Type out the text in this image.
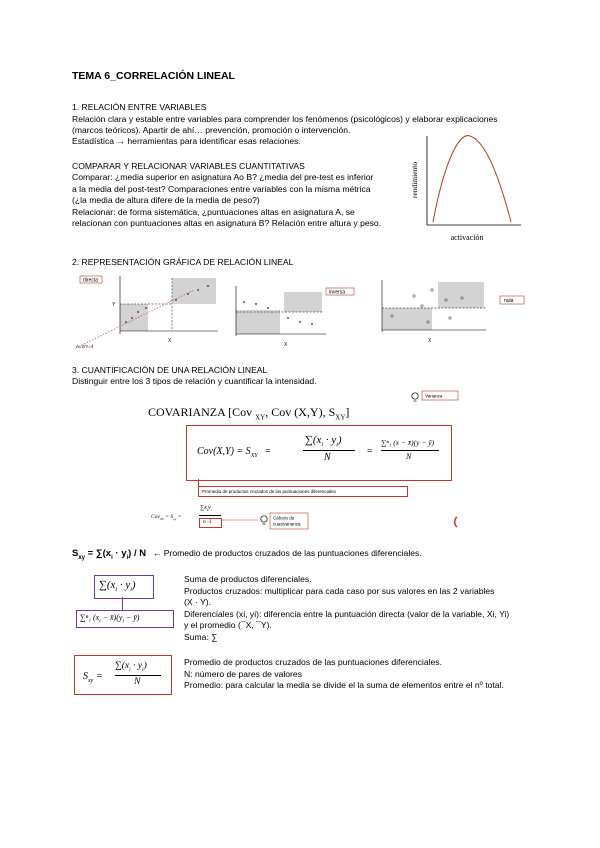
TEMA 6_CORRELACIÓN LINEAL
1. RELACIÓN ENTRE VARIABLES
Relación clara y estable entre variables para comprender los fenómenos (psicológicos) y elaborar explicaciones
(marcos teóricos). Apartir de ahí… prevención, promoción o intervención.
Estadística → herramientas para identificar esas relaciones.
COMPARAR Y RELACIONAR VARIABLES CUANTITATIVAS
Comparar: ¿media superior en asignatura Ao B? ¿media del pre-test es inferior
a la media del post-test? Comparaciones entre variables con la misma métrica
(¿la media de altura difere de la media de peso?)
Relacionar: de forma sistemática, ¿puntuaciones altas en asignatura A, se
relacionan con puntuaciones altas en asignatura B? Relación entre altura y peso.
rendimiento
activación
2. REPRESENTACIÓN GRÁFICA DE RELACIÓN LINEAL
directa
Y
X
A=2/Y=4
inversa
X
nula
X
3. CUANTIFICACIÓN DE UNA RELACIÓN LINEAL
Distinguir entre los 3 tipos de relación y cuantificar la intensidad.
Varianza
COVARIANZA [Cov $_{XY}$, Cov (X,Y), $S_{XY}$]
$Cov(X,Y) = S_{XY}$ =
$\sum(x_i \cdot y_i)$
N
=
∑ⁿ₁ (x − x̄)(y − ȳ)
N
Promedio de productos cruzados de las puntuaciones diferenciales
$Cov_{XY} = S_{xy}$ =
$\sum x_iy_i$
n -1
Cálculo de
cuasivarianza
$S_{xy} = \sum(x_i \cdot y_i) / N$ ← Promedio de productos cruzados de las puntuaciones diferenciales.
$\sum(x_i \cdot y_i)$
∑ⁿ₁ ($x_i$ − $x̄)(y_i$ − ȳ)
Suma de productos diferenciales.
Productos cruzados: multiplicar para cada caso por sus valores en las 2 variables
(X · Y).
Diferenciales (xi, yi): diferencia entre la puntuación directa (valor de la variable, Xi, Yi)
y el promedio (¯X, ¯Y).
Suma: ∑
$S_{xy}$ =
$\sum(x_i \cdot y_i)$
N
Promedio de productos cruzados de las puntuaciones diferenciales.
N: número de pares de valores
Promedio: para calcular la media se divide el la suma de elementos entre el nº total.
